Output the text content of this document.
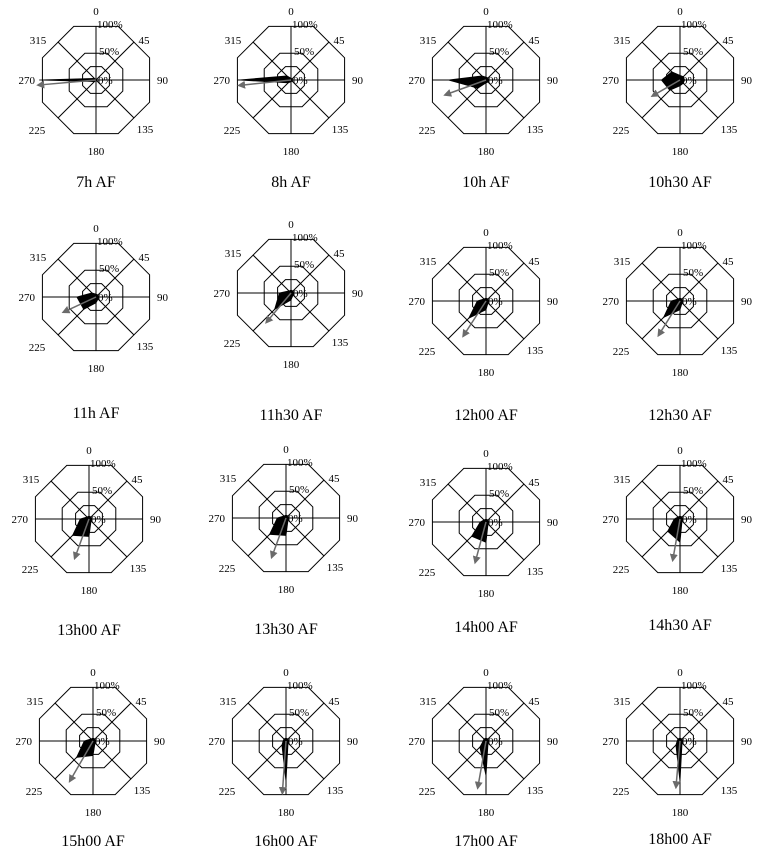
0%
50%
100%
0
45
90
135
180
225
270
315
7h AF
0%
50%
100%
0
45
90
135
180
225
270
315
8h AF
0%
50%
100%
0
45
90
135
180
225
270
315
10h AF
0%
50%
100%
0
45
90
135
180
225
270
315
10h30 AF
0%
50%
100%
0
45
90
135
180
225
270
315
11h AF
0%
50%
100%
0
45
90
135
180
225
270
315
11h30 AF
0%
50%
100%
0
45
90
135
180
225
270
315
12h00 AF
0%
50%
100%
0
45
90
135
180
225
270
315
12h30 AF
0%
50%
100%
0
45
90
135
180
225
270
315
13h00 AF
0%
50%
100%
0
45
90
135
180
225
270
315
13h30 AF
0%
50%
100%
0
45
90
135
180
225
270
315
14h00 AF
0%
50%
100%
0
45
90
135
180
225
270
315
14h30 AF
0%
50%
100%
0
45
90
135
180
225
270
315
15h00 AF
0%
50%
100%
0
45
90
135
180
225
270
315
16h00 AF
0%
50%
100%
0
45
90
135
180
225
270
315
17h00 AF
0%
50%
100%
0
45
90
135
180
225
270
315
18h00 AF
